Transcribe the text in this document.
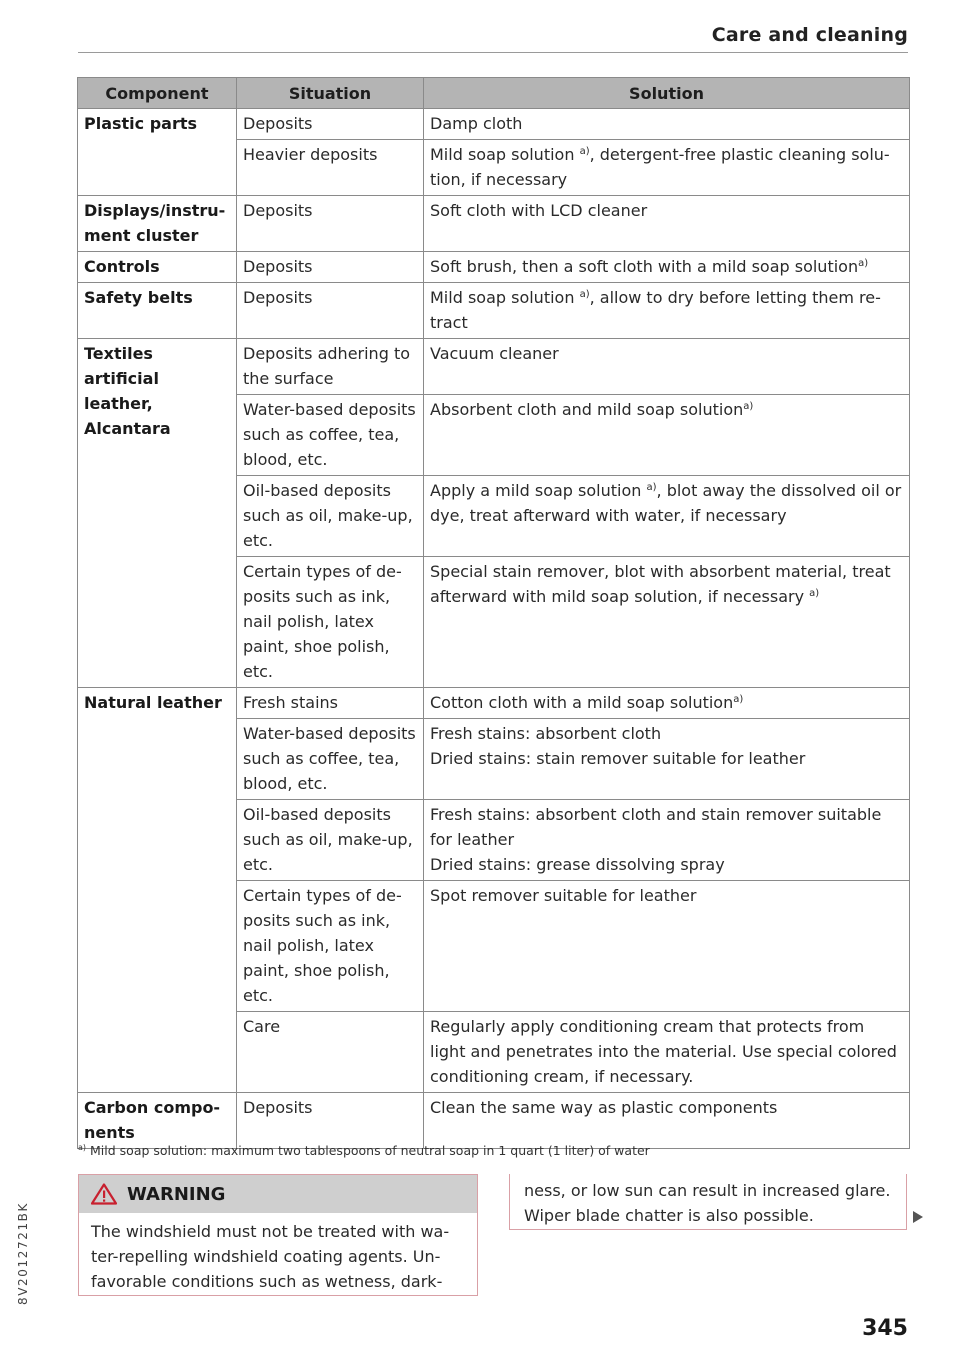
Care and cleaning
Component	Situation	Solution

Plastic parts	Deposits	Damp cloth
	Heavier deposits	Mild soap solution $^{a)}$, detergent-free plastic cleaning solu- tion, if necessary

Displays/instru-
ment cluster	Deposits	Soft cloth with LCD cleaner

Controls	Deposits	Soft brush, then a soft cloth with a mild soap solution$^{a)}$

Safety belts	Deposits	Mild soap solution $^{a)}$, allow to dry before letting them re- tract

Textiles
artificial leather,
Alcantara	Deposits adhering to the surface	Vacuum cleaner
	Water-based deposits such as coffee, tea, blood, etc.	Absorbent cloth and mild soap solution$^{a)}$
	Oil-based deposits such as oil, make-up, etc.	Apply a mild soap solution $^{a)}$, blot away the dissolved oil or dye, treat afterward with water, if necessary
	Certain types of de- posits such as ink, nail polish, latex paint, shoe polish, etc.	Special stain remover, blot with absorbent material, treat afterward with mild soap solution, if necessary $^{a)}$

Natural leather	Fresh stains	Cotton cloth with a mild soap solution$^{a)}$
	Water-based deposits such as coffee, tea, blood, etc.	Fresh stains: absorbent cloth
Dried stains: stain remover suitable for leather

	Oil-based deposits such as oil, make-up, etc.	Fresh stains: absorbent cloth and stain remover suitable for leather
Dried stains: grease dissolving spray

	Certain types of de- posits such as ink, nail polish, latex paint, shoe polish, etc.	Spot remover suitable for leather
	Care	Regularly apply conditioning cream that protects from light and penetrates into the material. Use special colored conditioning cream, if necessary.

Carbon compo-
nents	Deposits	Clean the same way as plastic components
$^{a)}$ Mild soap solution: maximum two tablespoons of neutral soap in 1 quart (1 liter) of water
WARNING
The windshield must not be treated with wa-
ter-repelling windshield coating agents. Un-
favorable conditions such as wetness, dark-
ness, or low sun can result in increased glare.
Wiper blade chatter is also possible.
8V2012721BK
345
